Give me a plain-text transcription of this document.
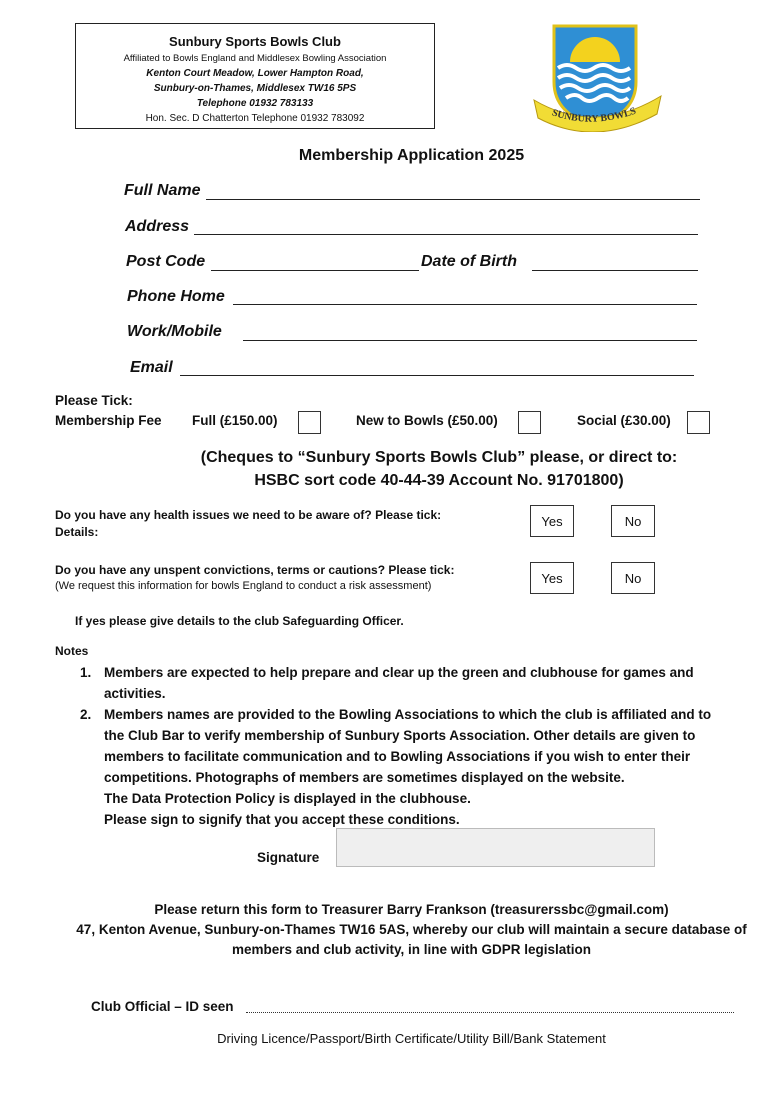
Sunbury Sports Bowls Club
Affiliated to Bowls England and Middlesex Bowling Association
Kenton Court Meadow, Lower Hampton Road,
Sunbury-on-Thames, Middlesex TW16 5PS
Telephone 01932 783133
Hon. Sec. D Chatterton Telephone 01932 783092	SUNBURY BOWLS
Membership Application 2025
Full Name
Address
Post Code	Date of Birth
Phone Home
Work/Mobile
Email
Please Tick:
Membership Fee Full (£150.00)	New to Bowls (£50.00)	Social (£30.00)
(Cheques to “Sunbury Sports Bowls Club” please, or direct to:
HSBC sort code 40-44-39 Account No. 91701800)
Do you have any health issues we need to be aware of? Please tick:
Details:
Yes	No
Do you have any unspent convictions, terms or cautions? Please tick:
(We request this information for bowls England to conduct a risk assessment)
Yes	No
If yes please give details to the club Safeguarding Officer.
Notes
1. Members are expected to help prepare and clear up the green and clubhouse for games and
activities.
2. Members names are provided to the Bowling Associations to which the club is affiliated and to
the Club Bar to verify membership of Sunbury Sports Association. Other details are given to
members to facilitate communication and to Bowling Associations if you wish to enter their
competitions. Photographs of members are sometimes displayed on the website.
The Data Protection Policy is displayed in the clubhouse.
Please sign to signify that you accept these conditions.
Signature
Please return this form to Treasurer Barry Frankson (treasurerssbc@gmail.com)
47, Kenton Avenue, Sunbury-on-Thames TW16 5AS, whereby our club will maintain a secure database of
members and club activity, in line with GDPR legislation
Club Official – ID seen
Driving Licence/Passport/Birth Certificate/Utility Bill/Bank Statement
